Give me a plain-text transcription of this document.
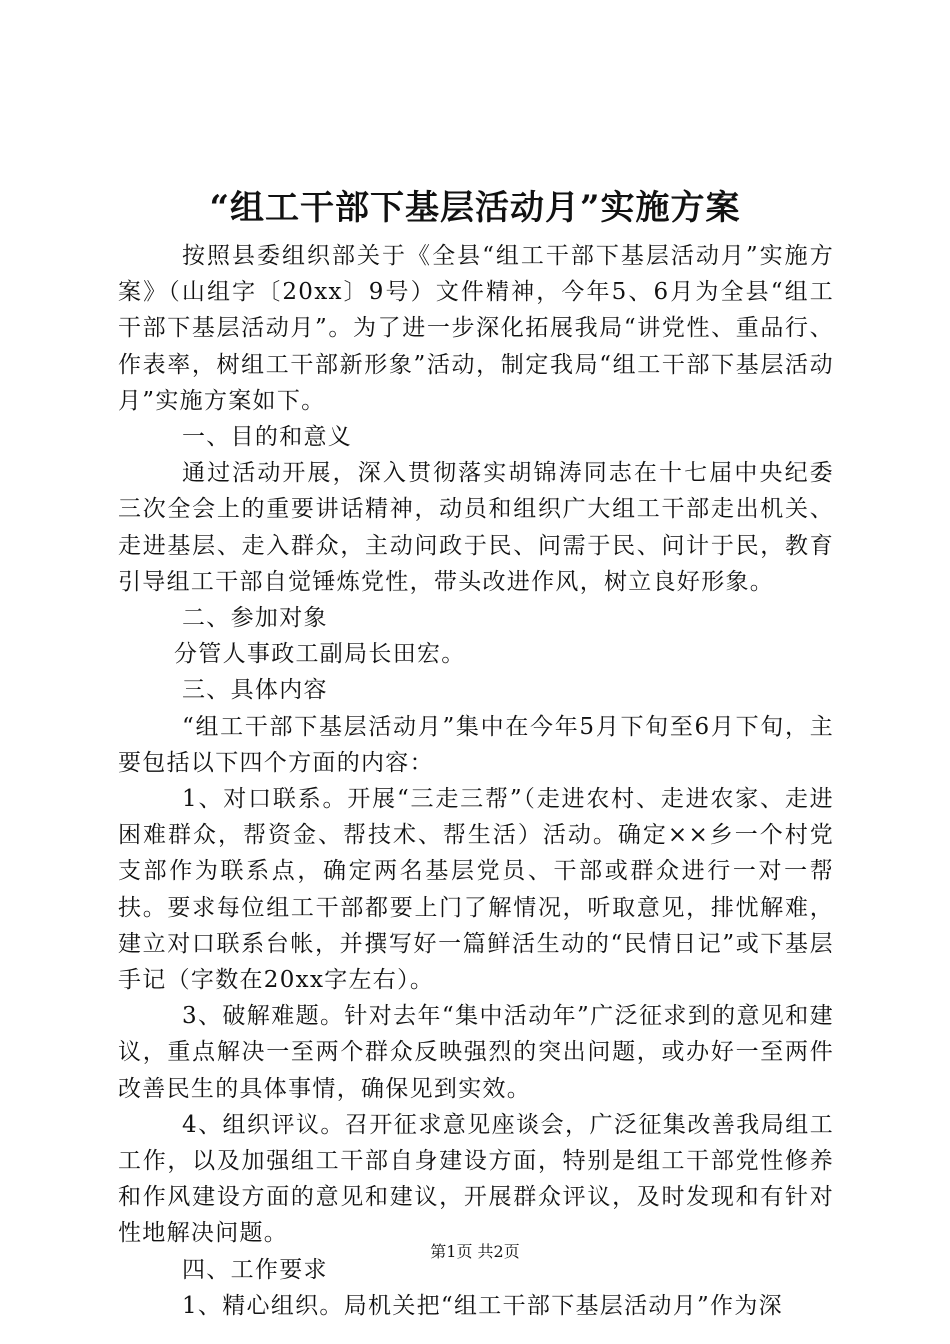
“组工干部下基层活动月”实施方案

按照县委组织部关于《全县“组工干部下基层活动月”实施方案》（山组字〔20xx〕9号）文件精神，今年5、6月为全县“组工干部下基层活动月”。为了进一步深化拓展我局“讲党性、重品行、作表率，树组工干部新形象”活动，制定我局“组工干部下基层活动月”实施方案如下。

一、目的和意义

通过活动开展，深入贯彻落实胡锦涛同志在十七届中央纪委三次全会上的重要讲话精神，动员和组织广大组工干部走出机关、走进基层、走入群众，主动问政于民、问需于民、问计于民，教育引导组工干部自觉锤炼党性，带头改进作风，树立良好形象。

二、参加对象

分管人事政工副局长田宏。

三、具体内容

“组工干部下基层活动月”集中在今年5月下旬至6月下旬，主要包括以下四个方面的内容：

1、对口联系。开展“三走三帮”（走进农村、走进农家、走进困难群众，帮资金、帮技术、帮生活）活动。确定××乡一个村党支部作为联系点，确定两名基层党员、干部或群众进行一对一帮扶。要求每位组工干部都要上门了解情况，听取意见，排忧解难，建立对口联系台帐，并撰写好一篇鲜活生动的“民情日记”或下基层手记（字数在20xx字左右）。

3、破解难题。针对去年“集中活动年”广泛征求到的意见和建议，重点解决一至两个群众反映强烈的突出问题，或办好一至两件改善民生的具体事情，确保见到实效。

4、组织评议。召开征求意见座谈会，广泛征集改善我局组工工作，以及加强组工干部自身建设方面，特别是组工干部党性修养和作风建设方面的意见和建议，开展群众评议，及时发现和有针对性地解决问题。

四、工作要求

1、精心组织。局机关把“组工干部下基层活动月”作为深

第1页 共2页
